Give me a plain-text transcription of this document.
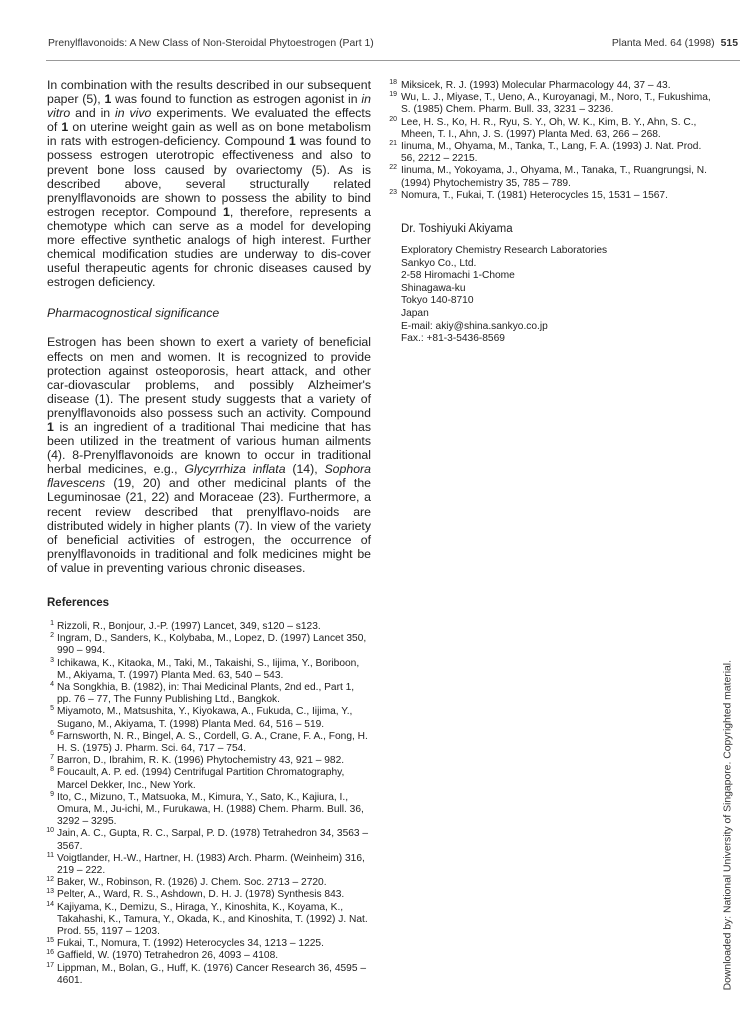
Prenylflavonoids: A New Class of Non-Steroidal Phytoestrogen (Part 1)	Planta Med. 64 (1998) 515

In combination with the results described in our subsequent paper (5), 1 was found to function as estrogen agonist in in vitro and in in vivo experiments. We evaluated the effects of 1 on uterine weight gain as well as on bone metabolism in rats with estrogen-deficiency. Compound 1 was found to possess estrogen uterotropic effectiveness and also to prevent bone loss caused by ovariectomy (5). As is described above, several structurally related prenylflavonoids are shown to possess the ability to bind estrogen receptor. Compound 1, therefore, represents a chemotype which can serve as a model for developing more effective synthetic analogs of high interest. Further chemical modification studies are underway to dis-cover useful therapeutic agents for chronic diseases caused by estrogen deficiency.

Pharmacognostical significance

Estrogen has been shown to exert a variety of beneficial effects on men and women. It is recognized to provide protection against osteoporosis, heart attack, and other car-diovascular problems, and possibly Alzheimer's disease (1). The present study suggests that a variety of prenylflavonoids also possess such an activity. Compound 1 is an ingredient of a traditional Thai medicine that has been utilized in the treatment of various human ailments (4). 8-Prenylflavonoids are known to occur in traditional herbal medicines, e.g., Glycyrrhiza inflata (14), Sophora flavescens (19, 20) and other medicinal plants of the Leguminosae (21, 22) and Moraceae (23). Furthermore, a recent review described that prenylflavo-noids are distributed widely in higher plants (7). In view of the variety of beneficial activities of estrogen, the occurrence of prenylflavonoids in traditional and folk medicines might be of value in preventing various chronic diseases.

References

1 Rizzoli, R., Bonjour, J.-P. (1997) Lancet, 349, s120 – s123.

2 Ingram, D., Sanders, K., Kolybaba, M., Lopez, D. (1997) Lancet 350, 990 – 994.

3 Ichikawa, K., Kitaoka, M., Taki, M., Takaishi, S., Iijima, Y., Boriboon, M., Akiyama, T. (1997) Planta Med. 63, 540 – 543.

4 Na Songkhia, B. (1982), in: Thai Medicinal Plants, 2nd ed., Part 1, pp. 76 – 77, The Funny Publishing Ltd., Bangkok.

5 Miyamoto, M., Matsushita, Y., Kiyokawa, A., Fukuda, C., Iijima, Y., Sugano, M., Akiyama, T. (1998) Planta Med. 64, 516 – 519.

6 Farnsworth, N. R., Bingel, A. S., Cordell, G. A., Crane, F. A., Fong, H. H. S. (1975) J. Pharm. Sci. 64, 717 – 754.

7 Barron, D., Ibrahim, R. K. (1996) Phytochemistry 43, 921 – 982.

8 Foucault, A. P. ed. (1994) Centrifugal Partition Chromatography, Marcel Dekker, Inc., New York.

9 Ito, C., Mizuno, T., Matsuoka, M., Kimura, Y., Sato, K., Kajiura, I., Omura, M., Ju-ichi, M., Furukawa, H. (1988) Chem. Pharm. Bull. 36, 3292 – 3295.

10 Jain, A. C., Gupta, R. C., Sarpal, P. D. (1978) Tetrahedron 34, 3563 – 3567.

11 Voigtlander, H.-W., Hartner, H. (1983) Arch. Pharm. (Weinheim) 316, 219 – 222.

12 Baker, W., Robinson, R. (1926) J. Chem. Soc. 2713 – 2720.

13 Pelter, A., Ward, R. S., Ashdown, D. H. J. (1978) Synthesis 843.

14 Kajiyama, K., Demizu, S., Hiraga, Y., Kinoshita, K., Koyama, K., Takahashi, K., Tamura, Y., Okada, K., and Kinoshita, T. (1992) J. Nat. Prod. 55, 1197 – 1203.

15 Fukai, T., Nomura, T. (1992) Heterocycles 34, 1213 – 1225.

16 Gaffield, W. (1970) Tetrahedron 26, 4093 – 4108.

17 Lippman, M., Bolan, G., Huff, K. (1976) Cancer Research 36, 4595 – 4601.

18 Miksicek, R. J. (1993) Molecular Pharmacology 44, 37 – 43.

19 Wu, L. J., Miyase, T., Ueno, A., Kuroyanagi, M., Noro, T., Fukushima, S. (1985) Chem. Pharm. Bull. 33, 3231 – 3236.

20 Lee, H. S., Ko, H. R., Ryu, S. Y., Oh, W. K., Kim, B. Y., Ahn, S. C., Mheen, T. I., Ahn, J. S. (1997) Planta Med. 63, 266 – 268.

21 Iinuma, M., Ohyama, M., Tanka, T., Lang, F. A. (1993) J. Nat. Prod. 56, 2212 – 2215.

22 Iinuma, M., Yokoyama, J., Ohyama, M., Tanaka, T., Ruangrungsi, N. (1994) Phytochemistry 35, 785 – 789.

23 Nomura, T., Fukai, T. (1981) Heterocycles 15, 1531 – 1567.

Dr. Toshiyuki Akiyama
Exploratory Chemistry Research Laboratories
Sankyo Co., Ltd.
2-58 Hiromachi 1-Chome
Shinagawa-ku
Tokyo 140-8710
Japan
E-mail: akiy@shina.sankyo.co.jp
Fax.: +81-3-5436-8569
Downloaded by: National University of Singapore. Copyrighted material.
